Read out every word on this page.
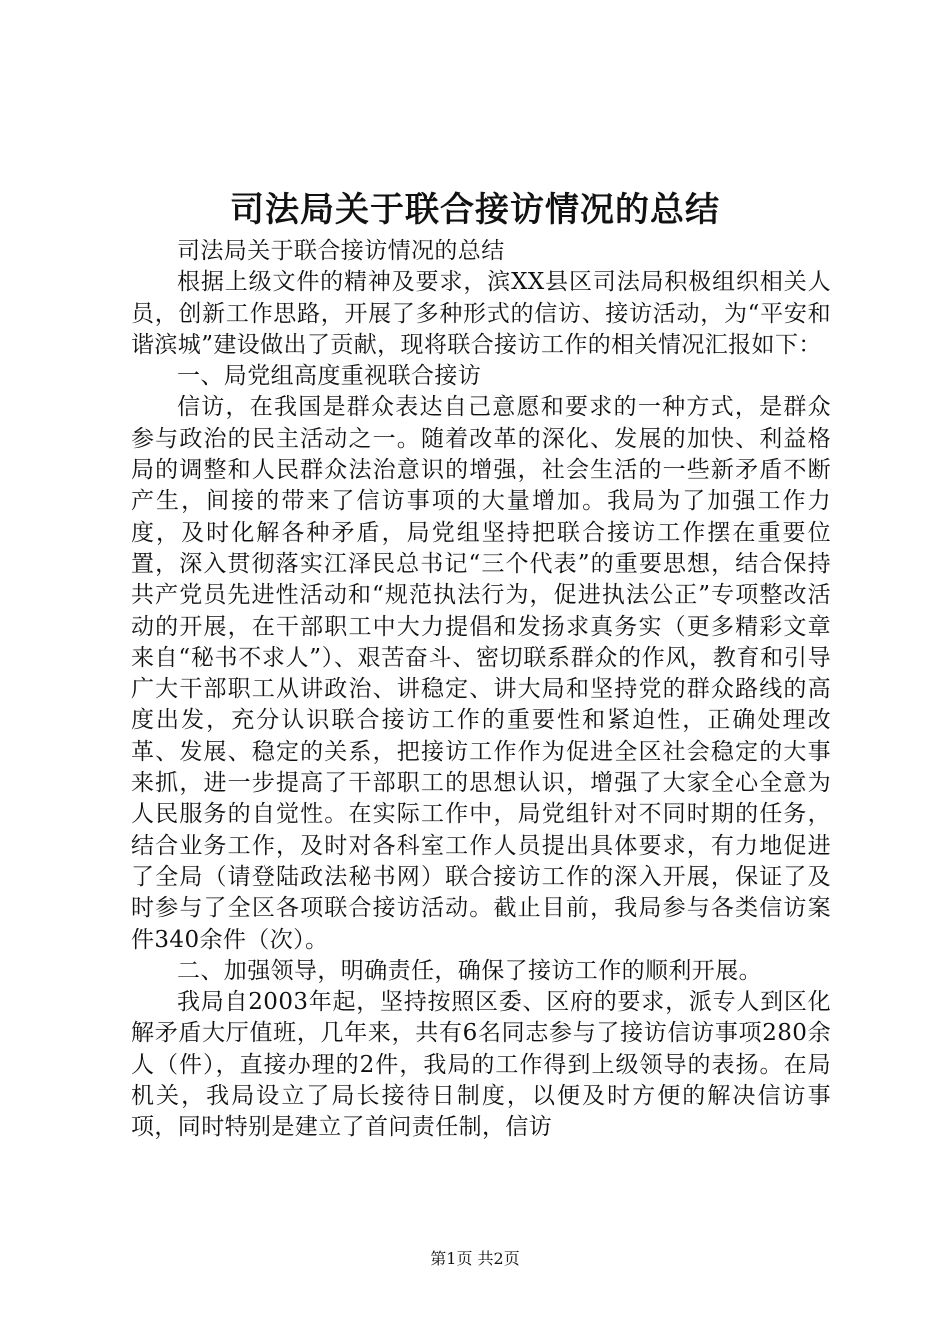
司法局关于联合接访情况的总结

司法局关于联合接访情况的总结

根据上级文件的精神及要求，滨XX县区司法局积极组织相关人员，创新工作思路，开展了多种形式的信访、接访活动，为“平安和谐滨城”建设做出了贡献，现将联合接访工作的相关情况汇报如下：

一、局党组高度重视联合接访

信访，在我国是群众表达自己意愿和要求的一种方式，是群众参与政治的民主活动之一。随着改革的深化、发展的加快、利益格局的调整和人民群众法治意识的增强，社会生活的一些新矛盾不断产生，间接的带来了信访事项的大量增加。我局为了加强工作力度，及时化解各种矛盾，局党组坚持把联合接访工作摆在重要位置，深入贯彻落实江泽民总书记“三个代表”的重要思想，结合保持共产党员先进性活动和“规范执法行为，促进执法公正”专项整改活动的开展，在干部职工中大力提倡和发扬求真务实（更多精彩文章来自“秘书不求人”）、艰苦奋斗、密切联系群众的作风，教育和引导广大干部职工从讲政治、讲稳定、讲大局和坚持党的群众路线的高度出发，充分认识联合接访工作的重要性和紧迫性，正确处理改革、发展、稳定的关系，把接访工作作为促进全区社会稳定的大事来抓，进一步提高了干部职工的思想认识，增强了大家全心全意为人民服务的自觉性。在实际工作中，局党组针对不同时期的任务，结合业务工作，及时对各科室工作人员提出具体要求，有力地促进了全局（请登陆政法秘书网）联合接访工作的深入开展，保证了及时参与了全区各项联合接访活动。截止目前，我局参与各类信访案件340余件（次）。

二、加强领导，明确责任，确保了接访工作的顺利开展。

我局自2003年起，坚持按照区委、区府的要求，派专人到区化解矛盾大厅值班，几年来，共有6名同志参与了接访信访事项280余人（件），直接办理的2件，我局的工作得到上级领导的表扬。在局机关，我局设立了局长接待日制度，以便及时方便的解决信访事项，同时特别是建立了首问责任制，信访

第1页 共2页
